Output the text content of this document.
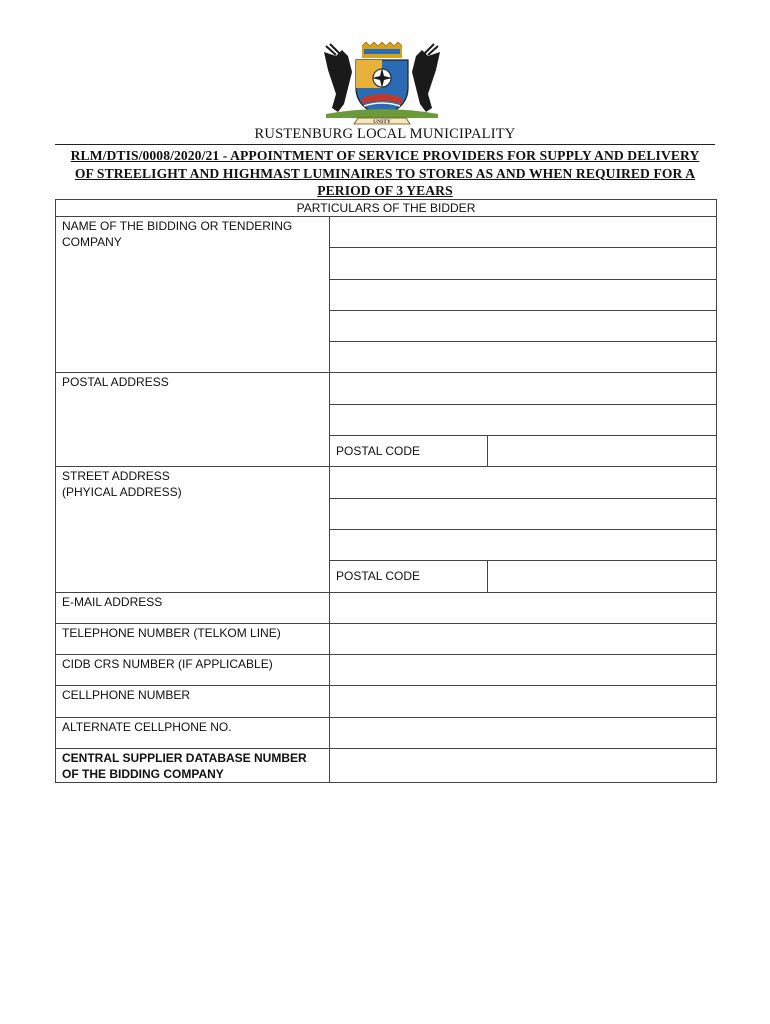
UNITY
RUSTENBURG LOCAL MUNICIPALITY
RLM/DTIS/0008/2020/21 - APPOINTMENT OF SERVICE PROVIDERS FOR SUPPLY AND DELIVERY OF STREELIGHT AND HIGHMAST LUMINAIRES TO STORES AS AND WHEN REQUIRED FOR A PERIOD OF 3 YEARS
PARTICULARS OF THE BIDDER		
NAME OF THE BIDDING OR TENDERING COMPANY		

POSTAL ADDRESS		

	POSTAL CODE	
STREET ADDRESS
(PHYICAL ADDRESS)		

	POSTAL CODE	
E-MAIL ADDRESS		
TELEPHONE NUMBER (TELKOM LINE)		
CIDB CRS NUMBER (IF APPLICABLE)		
CELLPHONE NUMBER		
ALTERNATE CELLPHONE NO.		
CENTRAL SUPPLIER DATABASE NUMBER OF THE BIDDING COMPANY		
